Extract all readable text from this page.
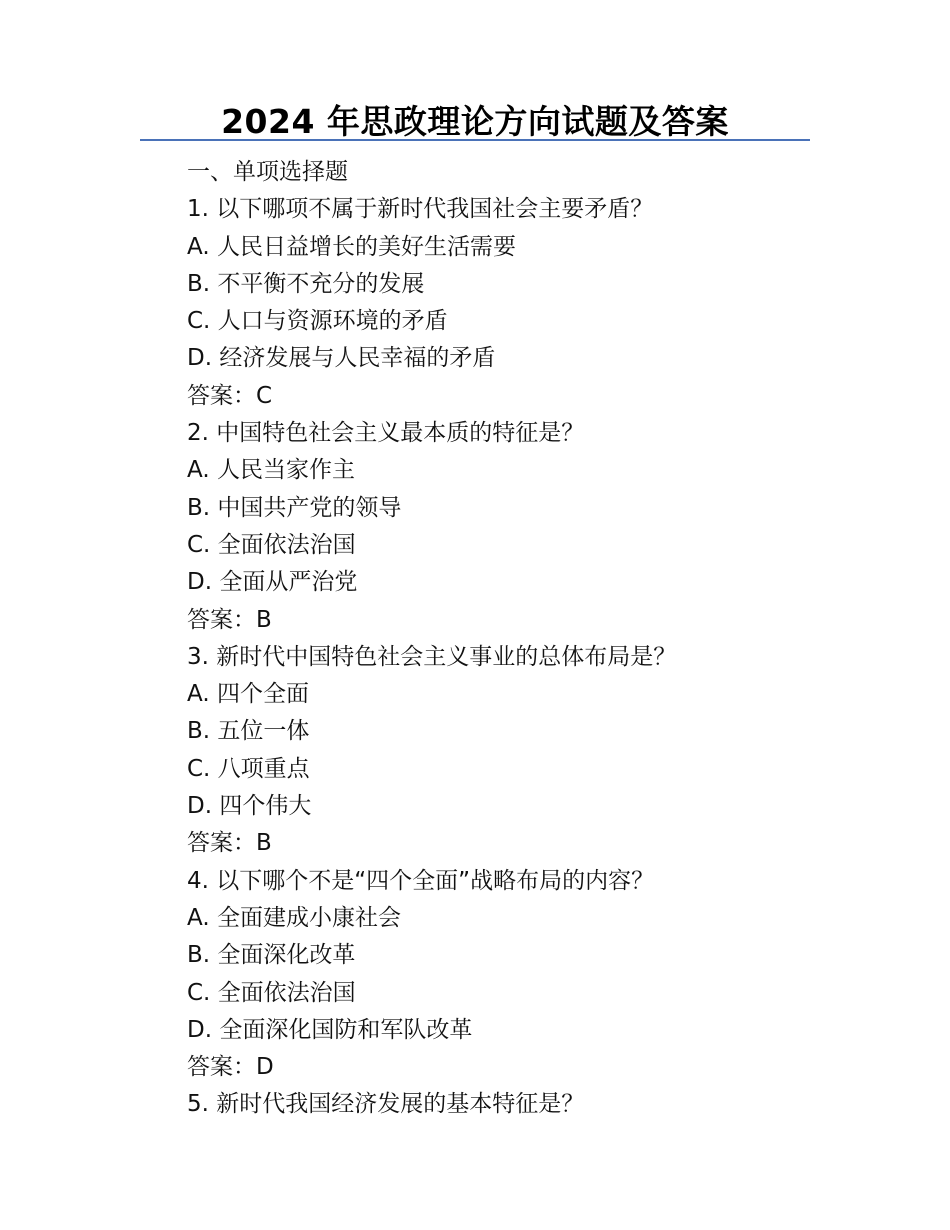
2024 年思政理论方向试题及答案
一、单项选择题
1. 以下哪项不属于新时代我国社会主要矛盾？
A. 人民日益增长的美好生活需要
B. 不平衡不充分的发展
C. 人口与资源环境的矛盾
D. 经济发展与人民幸福的矛盾
答案：C
2. 中国特色社会主义最本质的特征是？
A. 人民当家作主
B. 中国共产党的领导
C. 全面依法治国
D. 全面从严治党
答案：B
3. 新时代中国特色社会主义事业的总体布局是？
A. 四个全面
B. 五位一体
C. 八项重点
D. 四个伟大
答案：B
4. 以下哪个不是“四个全面”战略布局的内容？
A. 全面建成小康社会
B. 全面深化改革
C. 全面依法治国
D. 全面深化国防和军队改革
答案：D
5. 新时代我国经济发展的基本特征是？
